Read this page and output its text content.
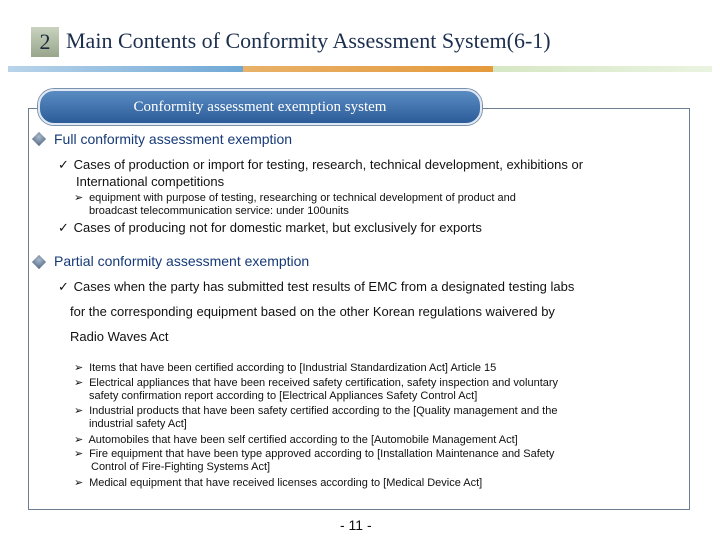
2 Main Contents of Conformity Assessment System(6-1)
Conformity assessment exemption system
Full conformity assessment exemption
✓ Cases of production or import for testing, research, technical development, exhibitions or
International competitions
➢ equipment with purpose of testing, researching or technical development of product and
broadcast telecommunication service: under 100units
✓ Cases of producing not for domestic market, but exclusively for exports
Partial conformity assessment exemption
✓ Cases when the party has submitted test results of EMC from a designated testing labs
for the corresponding equipment based on the other Korean regulations waivered by
Radio Waves Act
➢ Items that have been certified according to [Industrial Standardization Act] Article 15
➢ Electrical appliances that have been received safety certification, safety inspection and voluntary
safety confirmation report according to [Electrical Appliances Safety Control Act]
➢ Industrial products that have been safety certified according to the [Quality management and the
industrial safety Act]
➢ Automobiles that have been self certified according to the [Automobile Management Act]
➢ Fire equipment that have been type approved according to [Installation Maintenance and Safety
Control of Fire-Fighting Systems Act]
➢ Medical equipment that have received licenses according to [Medical Device Act]
- 11 -
